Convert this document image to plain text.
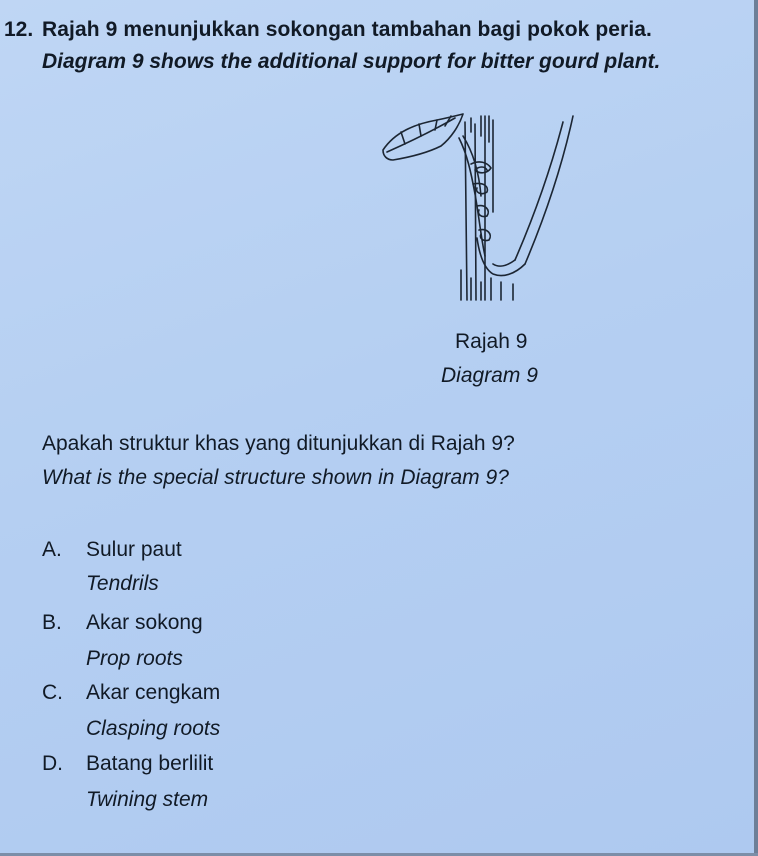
12. Rajah 9 menunjukkan sokongan tambahan bagi pokok peria.
Diagram 9 shows the additional support for bitter gourd plant.
Rajah 9
Diagram 9
Apakah struktur khas yang ditunjukkan di Rajah 9?
What is the special structure shown in Diagram 9?
A. Sulur paut
Tendrils
B. Akar sokong
Prop roots
C. Akar cengkam
Clasping roots
D. Batang berlilit
Twining stem
